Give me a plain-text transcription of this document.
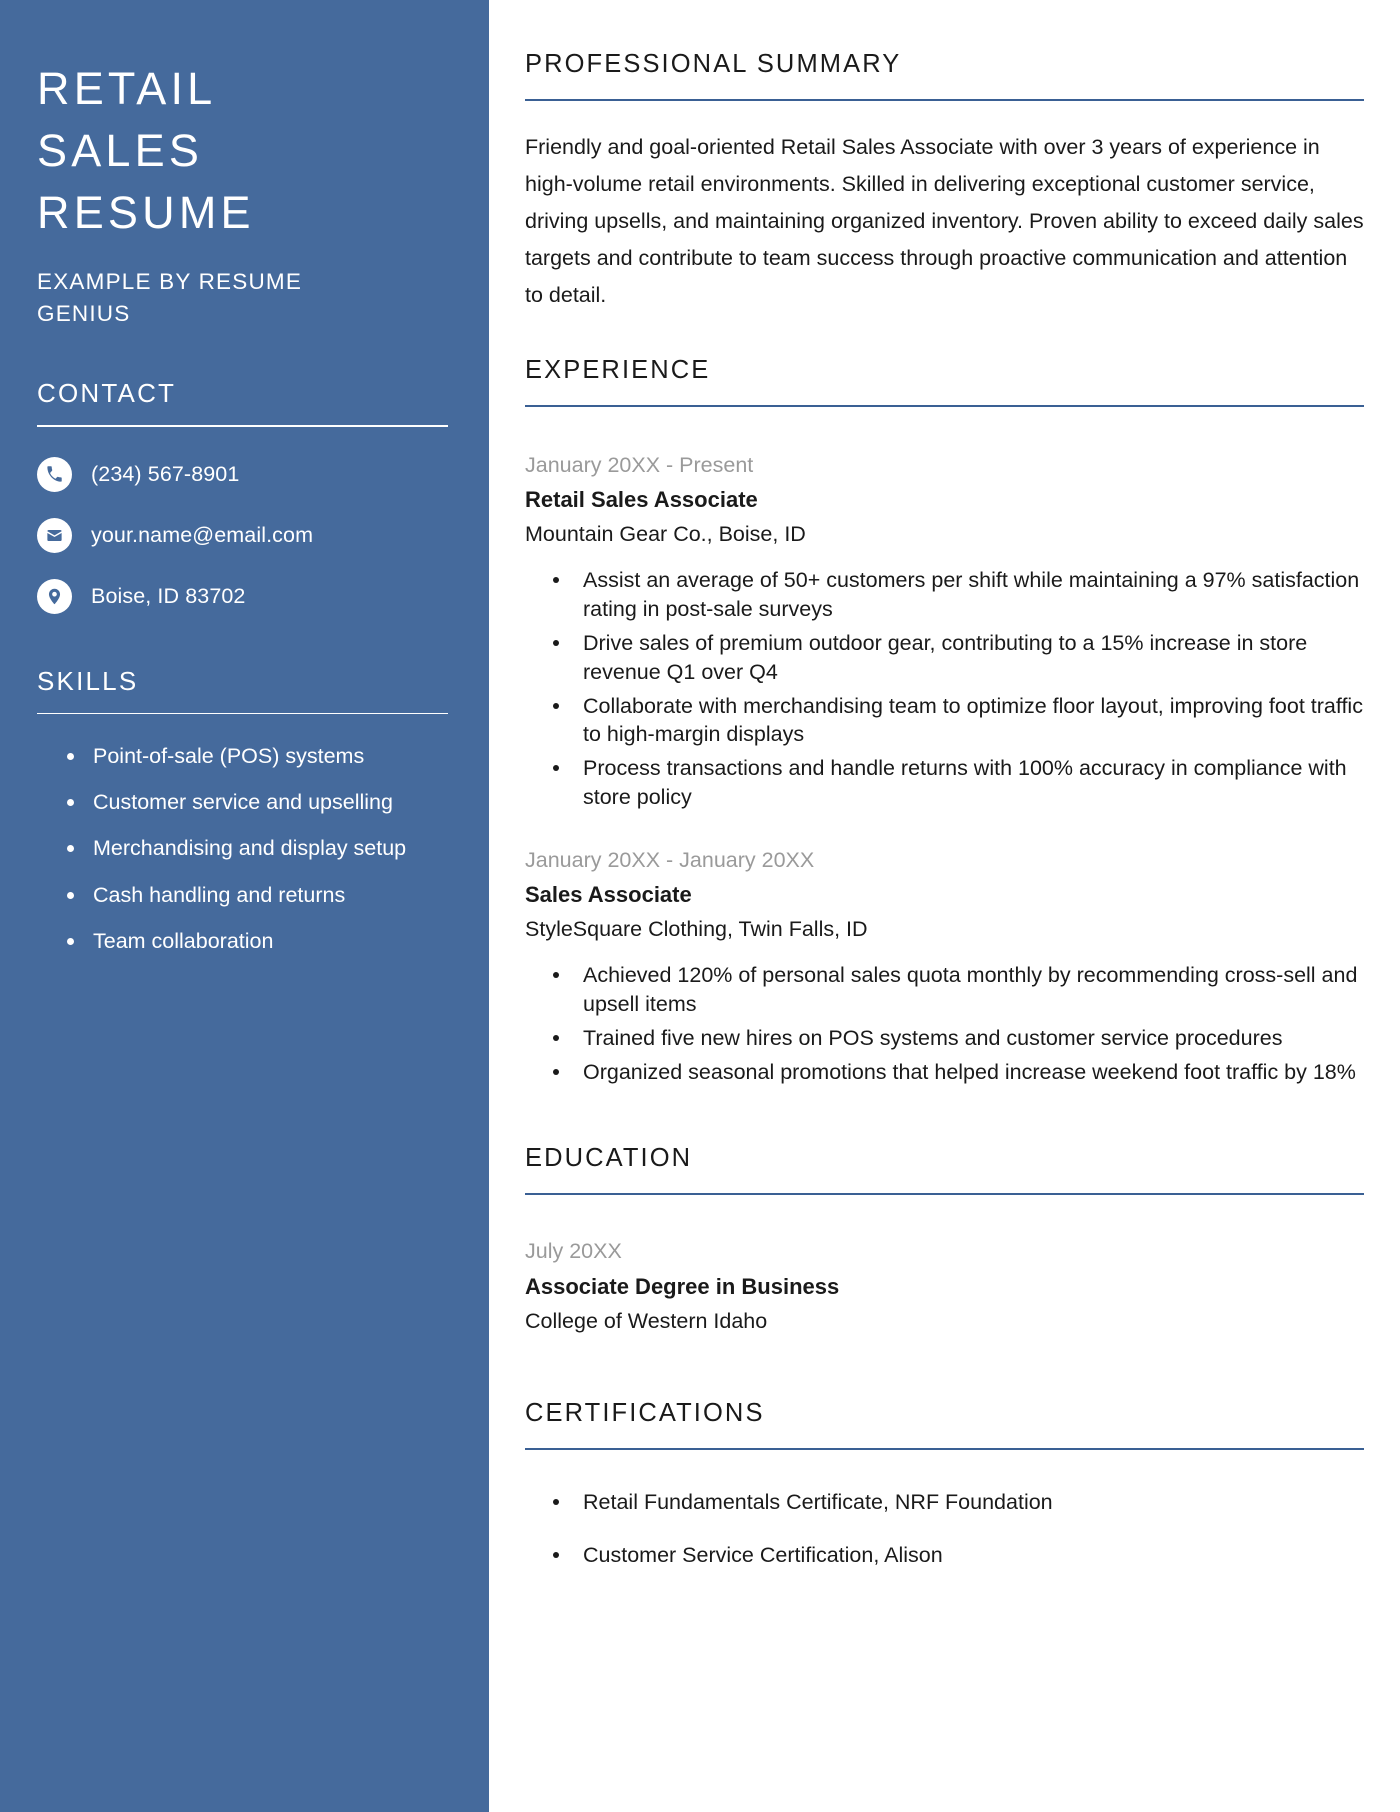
RETAIL
SALES
RESUME
EXAMPLE BY RESUME GENIUS
CONTACT
(234) 567-8901
your.name@email.com
Boise, ID 83702
SKILLS
Point-of-sale (POS) systems
Customer service and upselling
Merchandising and display setup
Cash handling and returns
Team collaboration
PROFESSIONAL SUMMARY

Friendly and goal-oriented Retail Sales Associate with over 3 years of experience in high-volume retail environments. Skilled in delivering exceptional customer service, driving upsells, and maintaining organized inventory. Proven ability to exceed daily sales targets and contribute to team success through proactive communication and attention to detail.

EXPERIENCE
January 20XX - Present
Retail Sales Associate
Mountain Gear Co., Boise, ID
Assist an average of 50+ customers per shift while maintaining a 97% satisfaction rating in post-sale surveys
Drive sales of premium outdoor gear, contributing to a 15% increase in store revenue Q1 over Q4
Collaborate with merchandising team to optimize floor layout, improving foot traffic to high-margin displays
Process transactions and handle returns with 100% accuracy in compliance with store policy
January 20XX - January 20XX
Sales Associate
StyleSquare Clothing, Twin Falls, ID
Achieved 120% of personal sales quota monthly by recommending cross-sell and upsell items
Trained five new hires on POS systems and customer service procedures
Organized seasonal promotions that helped increase weekend foot traffic by 18%
EDUCATION
July 20XX
Associate Degree in Business
College of Western Idaho
CERTIFICATIONS
Retail Fundamentals Certificate, NRF Foundation
Customer Service Certification, Alison
